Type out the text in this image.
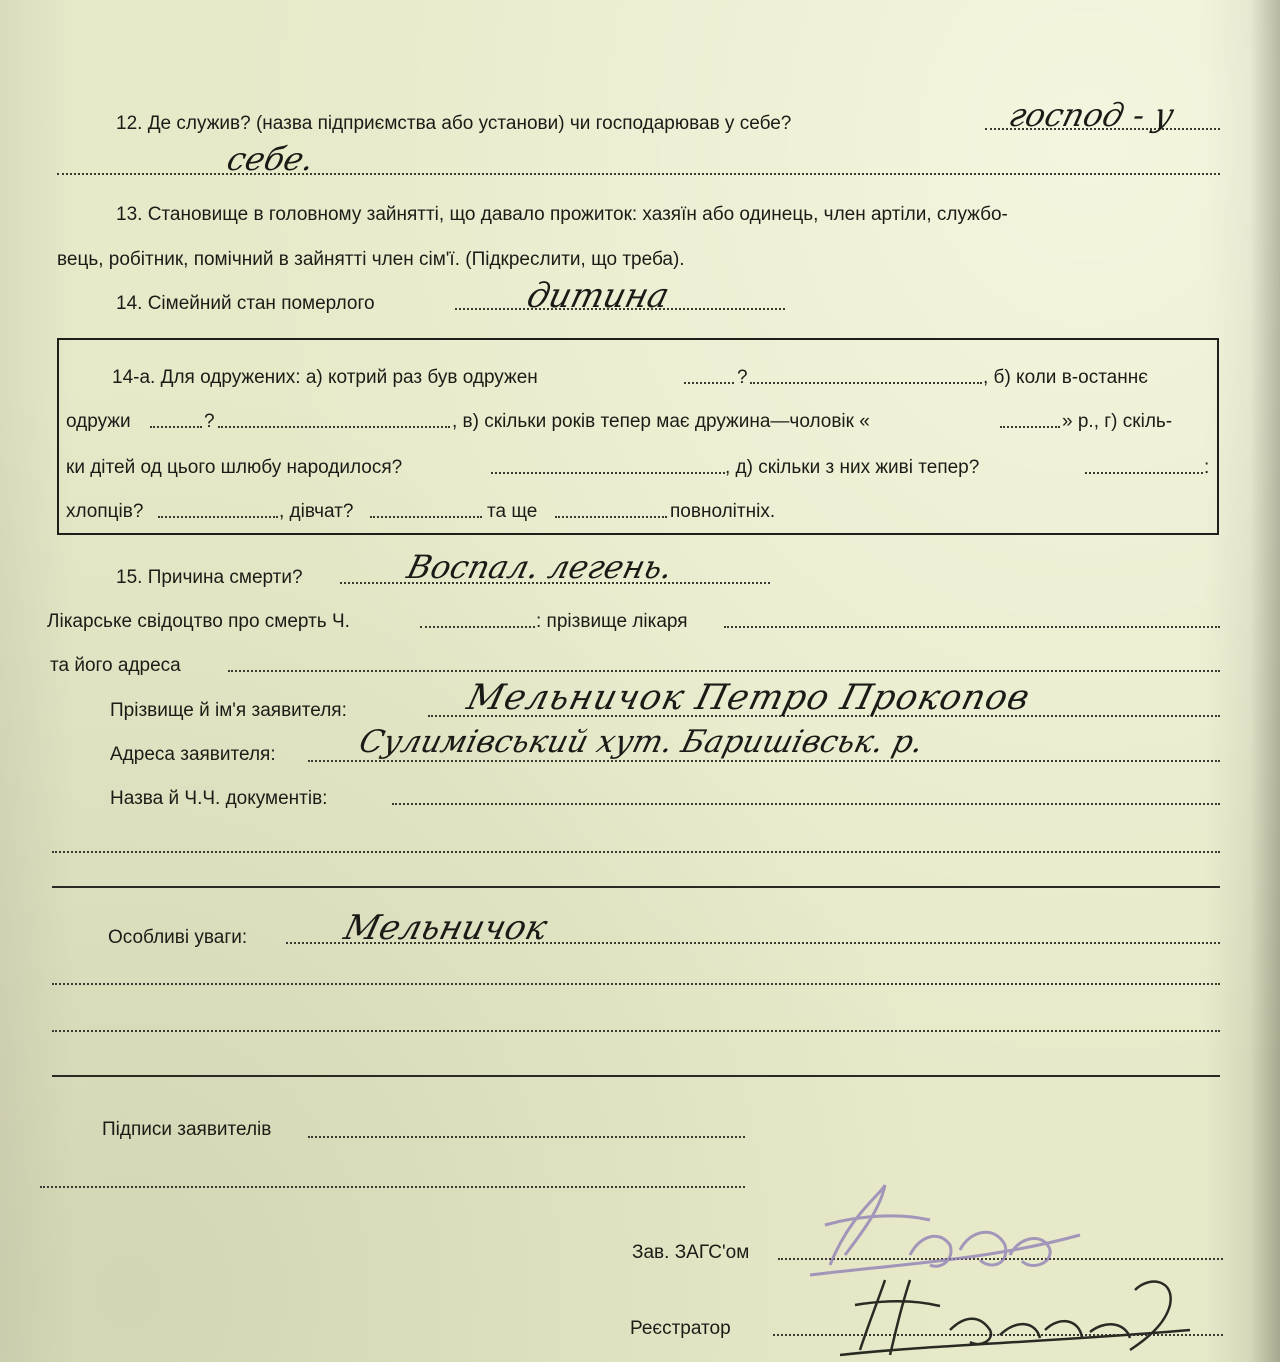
12. Де служив? (назва підприємства або установи) чи господарював у себе?	господ - у
себе.
13. Становище в головному зайнятті, що давало прожиток: хазяїн або одинець, член артіли, службо-
вець, робітник, помічний в зайнятті член сім'ї. (Підкреслити, що треба).
14. Сімейний стан померлого	дитина
14-а. Для одружених: а) котрий раз був одружен	?	, б) коли в-останнє
одружи	?	, в) скільки років тепер має дружина—чоловік «	» р., г) скіль-
ки дітей од цього шлюбу народилося?	, д) скільки з них живі тепер?	:
хлопців?	, дівчат?	та ще	повнолітніх.
15. Причина смерти?	Воспал. легень.
Лікарське свідоцтво про смерть Ч.	: прізвище лікаря
та його адреса
Прізвище й ім'я заявителя:	Мельничок Петро Прокопов
Адреса заявителя:	Сулимівський хут. Баришівськ. р.
Назва й Ч.Ч. документів:
Особливі уваги:	Мельничок
Підписи заявителів
Зав. ЗАГС'ом
Реєстратор
